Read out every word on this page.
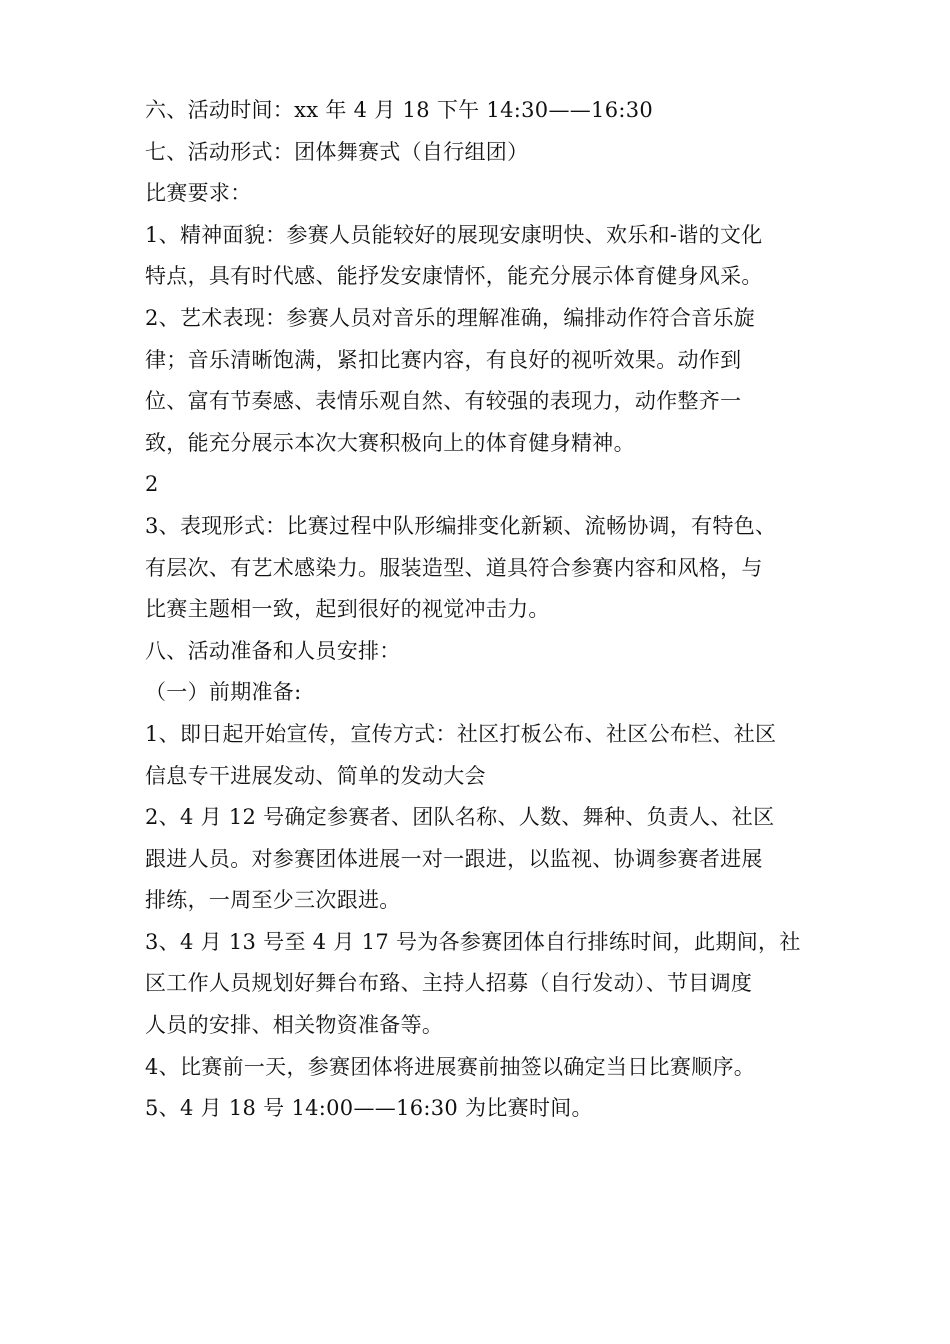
六、活动时间：xx 年 4 月 18 下午 14:30——16:30
七、活动形式：团体舞赛式（自行组团）
比赛要求：
1、精神面貌：参赛人员能较好的展现安康明快、欢乐和-谐的文化
特点，具有时代感、能抒发安康情怀，能充分展示体育健身风采。
2、艺术表现：参赛人员对音乐的理解准确，编排动作符合音乐旋
律；音乐清晰饱满，紧扣比赛内容，有良好的视听效果。动作到
位、富有节奏感、表情乐观自然、有较强的表现力，动作整齐一
致，能充分展示本次大赛积极向上的体育健身精神。
2
3、表现形式：比赛过程中队形编排变化新颖、流畅协调，有特色、
有层次、有艺术感染力。服装造型、道具符合参赛内容和风格，与
比赛主题相一致，起到很好的视觉冲击力。
八、活动准备和人员安排：
（一）前期准备:
1、即日起开始宣传，宣传方式：社区打板公布、社区公布栏、社区
信息专干进展发动、简单的发动大会
2、4 月 12 号确定参赛者、团队名称、人数、舞种、负责人、社区
跟进人员。对参赛团体进展一对一跟进，以监视、协调参赛者进展
排练，一周至少三次跟进。
3、4 月 13 号至 4 月 17 号为各参赛团体自行排练时间，此期间，社
区工作人员规划好舞台布臵、主持人招募（自行发动）、节目调度
人员的安排、相关物资准备等。
4、比赛前一天，参赛团体将进展赛前抽签以确定当日比赛顺序。
5、4 月 18 号 14:00——16:30 为比赛时间。
